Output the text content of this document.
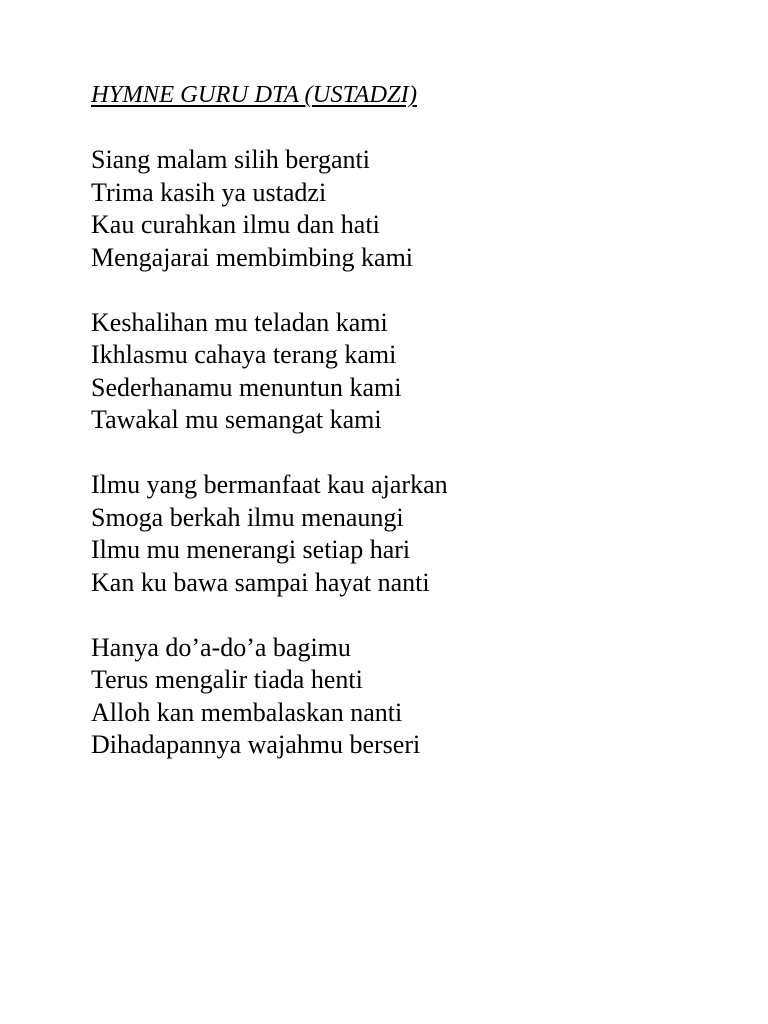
HYMNE GURU DTA (USTADZI)

Siang malam silih berganti

Trima kasih ya ustadzi

Kau curahkan ilmu dan hati

Mengajarai membimbing kami

Keshalihan mu teladan kami

Ikhlasmu cahaya terang kami

Sederhanamu menuntun kami

Tawakal mu semangat kami

Ilmu yang bermanfaat kau ajarkan

Smoga berkah ilmu menaungi

Ilmu mu menerangi setiap hari

Kan ku bawa sampai hayat nanti

Hanya do’a-do’a bagimu

Terus mengalir tiada henti

Alloh kan membalaskan nanti

Dihadapannya wajahmu berseri
